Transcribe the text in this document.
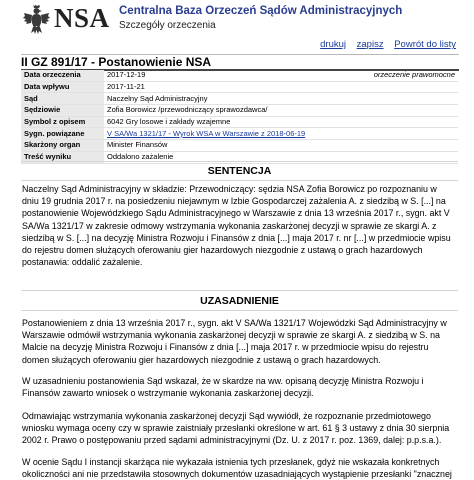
NSA Centralna Baza Orzeczeń Sądów Administracyjnych
Szczegóły orzeczenia
drukuj zapisz Powrót do listy
II GZ 891/17 - Postanowienie NSA
Data orzeczenia	2017-12-19	orzeczenie prawomocne
Data wpływu	2017-11-21	
Sąd	Naczelny Sąd Administracyjny	
Sędziowie	Zofia Borowicz /przewodniczący sprawozdawca/	
Symbol z opisem	6042 Gry losowe i zakłady wzajemne	
Sygn. powiązane	V SA/Wa 1321/17 - Wyrok WSA w Warszawie z 2018-06-19	
Skarżony organ	Minister Finansów	
Treść wyniku	Oddalono zażalenie	
SENTENCJA

Naczelny Sąd Administracyjny w składzie: Przewodniczący: sędzia NSA Zofia Borowicz po rozpoznaniu w dniu 19 grudnia 2017 r. na posiedzeniu niejawnym w Izbie Gospodarczej zażalenia A. z siedzibą w S. [...] na postanowienie Wojewódzkiego Sądu Administracyjnego w Warszawie z dnia 13 września 2017 r., sygn. akt V SA/Wa 1321/17 w zakresie odmowy wstrzymania wykonania zaskarżonej decyzji w sprawie ze skargi A. z siedzibą w S. [...] na decyzję Ministra Rozwoju i Finansów z dnia [...] maja 2017 r. nr [...] w przedmiocie wpisu do rejestru domen służących oferowaniu gier hazardowych niezgodnie z ustawą o grach hazardowych postanawia: oddalić zażalenie.

UZASADNIENIE

Postanowieniem z dnia 13 września 2017 r., sygn. akt V SA/Wa 1321/17 Wojewódzki Sąd Administracyjny w Warszawie odmówił wstrzymania wykonania zaskarżonej decyzji w sprawie ze skargi A. z siedzibą w S. na Malcie na decyzję Ministra Rozwoju i Finansów z dnia [...] maja 2017 r. w przedmiocie wpisu do rejestru domen służących oferowaniu gier hazardowych niezgodnie z ustawą o grach hazardowych.

W uzasadnieniu postanowienia Sąd wskazał, że w skardze na ww. opisaną decyzję Ministra Rozwoju i Finansów zawarto wniosek o wstrzymanie wykonania zaskarżonej decyzji.

Odmawiając wstrzymania wykonania zaskarżonej decyzji Sąd wywiódł, że rozpoznanie przedmiotowego wniosku wymaga oceny czy w sprawie zaistniały przesłanki określone w art. 61 § 3 ustawy z dnia 30 sierpnia 2002 r. Prawo o postępowaniu przed sądami administracyjnymi (Dz. U. z 2017 r. poz. 1369, dalej: p.p.s.a.).

W ocenie Sądu I instancji skarżąca nie wykazała istnienia tych przesłanek, gdyż nie wskazała konkretnych okoliczności ani nie przedstawiła stosownych dokumentów uzasadniających wystąpienie przesłanki "znacznej
